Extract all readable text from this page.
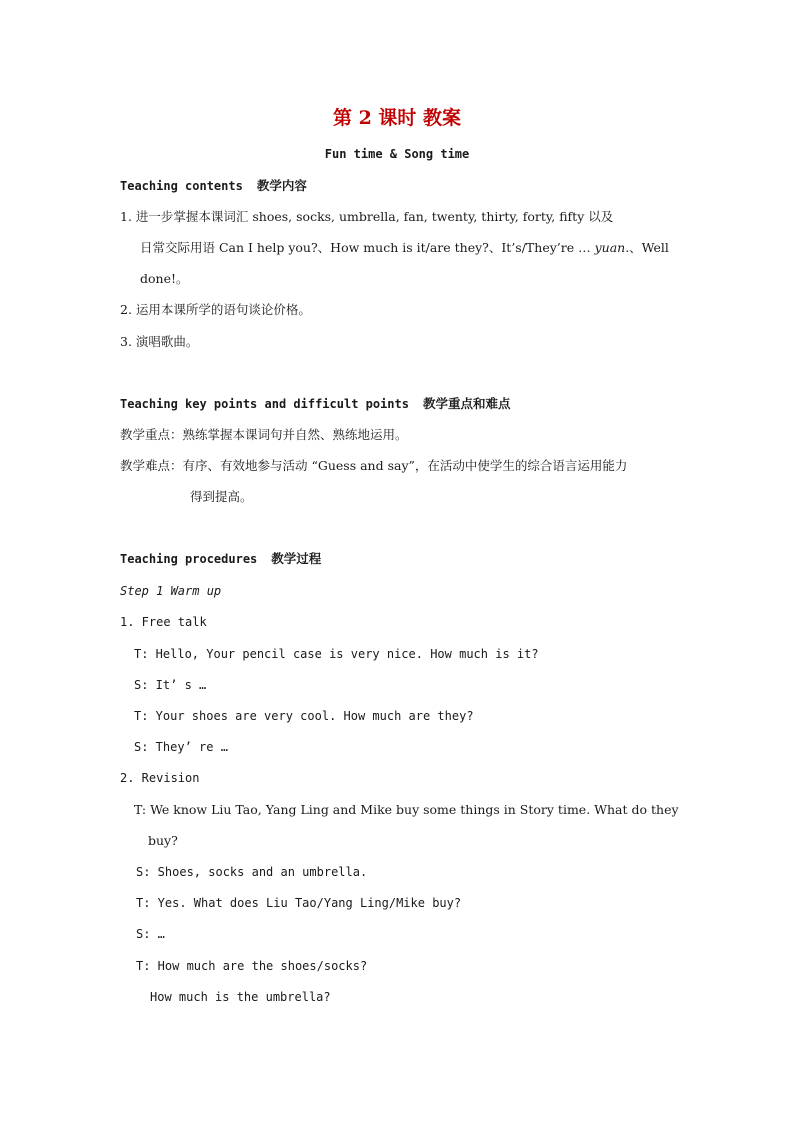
第 2 课时 教案
Fun time & Song time
Teaching contents 教学内容
1. 进一步掌握本课词汇 shoes, socks, umbrella, fan, twenty, thirty, forty, fifty 以及
日常交际用语 Can I help you?、How much is it/are they?、It’s/They’re … yuan.、Well
done!。
2. 运用本课所学的语句谈论价格。
3. 演唱歌曲。
Teaching key points and difficult points 教学重点和难点
教学重点：熟练掌握本课词句并自然、熟练地运用。
教学难点：有序、有效地参与活动 “Guess and say”，在活动中使学生的综合语言运用能力
得到提高。
Teaching procedures 教学过程
Step 1 Warm up
1. Free talk
T: Hello, Your pencil case is very nice. How much is it?
S: It’ s …
T: Your shoes are very cool. How much are they?
S: They’ re …
2. Revision
T: We know Liu Tao, Yang Ling and Mike buy some things in Story time. What do they
buy?
S: Shoes, socks and an umbrella.
T: Yes. What does Liu Tao/Yang Ling/Mike buy?
S: …
T: How much are the shoes/socks?
How much is the umbrella?
